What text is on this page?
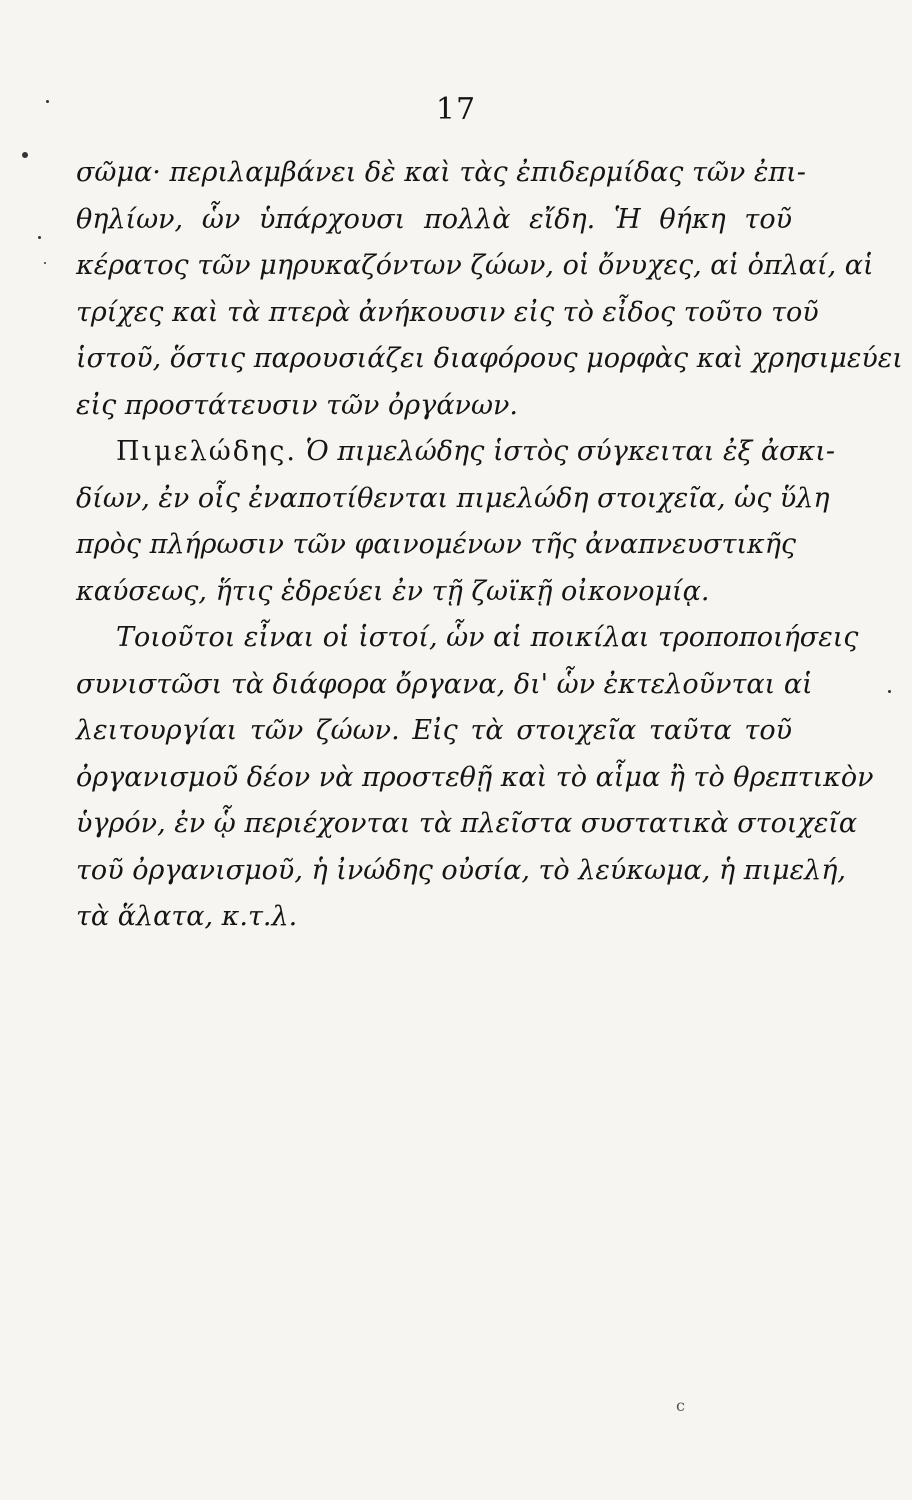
17
σῶμα· περιλαμβάνει δὲ καὶ τὰς ἐπιδερμίδας τῶν ἐπι-
θηλίων, ὧν ὑπάρχουσι πολλὰ εἴδη. Ἡ θήκη τοῦ
κέρατος τῶν μηρυκαζόντων ζώων, οἱ ὄνυχες, αἱ ὁπλαί, αἱ
τρίχες καὶ τὰ πτερὰ ἀνήκουσιν εἰς τὸ εἶδος τοῦτο τοῦ
ἱστοῦ, ὅστις παρουσιάζει διαφόρους μορφὰς καὶ χρησιμεύει
εἰς προστάτευσιν τῶν ὀργάνων.
Πιμελώδης. Ὁ πιμελώδης ἱστὸς σύγκειται ἐξ ἀσκι-
δίων, ἐν οἷς ἐναποτίθενται πιμελώδη στοιχεῖα, ὡς ὕλη
πρὸς πλήρωσιν τῶν φαινομένων τῆς ἀναπνευστικῆς
καύσεως, ἥτις ἑδρεύει ἐν τῇ ζωϊκῇ οἰκονομίᾳ.
Τοιοῦτοι εἶναι οἱ ἱστοί, ὧν αἱ ποικίλαι τροποποιήσεις
συνιστῶσι τὰ διάφορα ὄργανα, δι' ὧν ἐκτελοῦνται αἱ
λειτουργίαι τῶν ζώων. Εἰς τὰ στοιχεῖα ταῦτα τοῦ
ὀργανισμοῦ δέον νὰ προστεθῇ καὶ τὸ αἷμα ἢ τὸ θρεπτικὸν
ὑγρόν, ἐν ᾧ περιέχονται τὰ πλεῖστα συστατικὰ στοιχεῖα
τοῦ ὀργανισμοῦ, ἡ ἰνώδης οὐσία, τὸ λεύκωμα, ἡ πιμελή,
τὰ ἅλατα, κ.τ.λ.
c
